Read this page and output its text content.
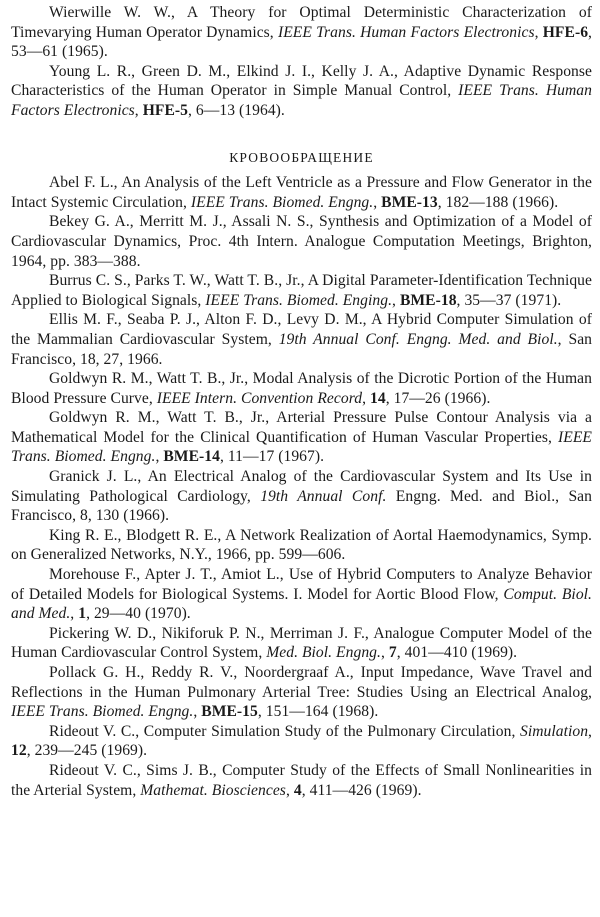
Wierwille W. W., A Theory for Optimal Deterministic Characterization of Timevarying Human Operator Dynamics, IEEE Trans. Human Factors Electronics, HFE-6, 53—61 (1965).

Young L. R., Green D. M., Elkind J. I., Kelly J. A., Adaptive Dynamic Response Characteristics of the Human Operator in Simple Manual Control, IEEE Trans. Human Factors Electronics, HFE-5, 6—13 (1964).

КРОВООБРАЩЕНИЕ

Abel F. L., An Analysis of the Left Ventricle as a Pressure and Flow Generator in the Intact Systemic Circulation, IEEE Trans. Biomed. Engng., BME-13, 182—188 (1966).

Bekey G. A., Merritt M. J., Assali N. S., Synthesis and Optimization of a Model of Cardiovascular Dynamics, Proc. 4th Intern. Analogue Computation Meetings, Brighton, 1964, pp. 383—388.

Burrus C. S., Parks T. W., Watt T. B., Jr., A Digital Parameter-Identification Technique Applied to Biological Signals, IEEE Trans. Biomed. Enging., BME-18, 35—37 (1971).

Ellis M. F., Seaba P. J., Alton F. D., Levy D. M., A Hybrid Computer Simulation of the Mammalian Cardiovascular System, 19th Annual Conf. Engng. Med. and Biol., San Francisco, 18, 27, 1966.

Goldwyn R. M., Watt T. B., Jr., Modal Analysis of the Dicrotic Portion of the Human Blood Pressure Curve, IEEE Intern. Convention Record, 14, 17—26 (1966).

Goldwyn R. M., Watt T. B., Jr., Arterial Pressure Pulse Contour Analysis via a Mathematical Model for the Clinical Quantification of Human Vascular Properties, IEEE Trans. Biomed. Engng., BME-14, 11—17 (1967).

Granick J. L., An Electrical Analog of the Cardiovascular System and Its Use in Simulating Pathological Cardiology, 19th Annual Conf. Engng. Med. and Biol., San Francisco, 8, 130 (1966).

King R. E., Blodgett R. E., A Network Realization of Aortal Haemodynamics, Symp. on Generalized Networks, N.Y., 1966, pp. 599—606.

Morehouse F., Apter J. T., Amiot L., Use of Hybrid Computers to Analyze Behavior of Detailed Models for Biological Systems. I. Model for Aortic Blood Flow, Comput. Biol. and Med., 1, 29—40 (1970).

Pickering W. D., Nikiforuk P. N., Merriman J. F., Analogue Computer Model of the Human Cardiovascular Control System, Med. Biol. Engng., 7, 401—410 (1969).

Pollack G. H., Reddy R. V., Noordergraaf A., Input Impedance, Wave Travel and Reflections in the Human Pulmonary Arterial Tree: Studies Using an Electrical Analog, IEEE Trans. Biomed. Engng., BME-15, 151—164 (1968).

Rideout V. C., Computer Simulation Study of the Pulmonary Circulation, Simulation, 12, 239—245 (1969).

Rideout V. C., Sims J. B., Computer Study of the Effects of Small Nonlinearities in the Arterial System, Mathemat. Biosciences, 4, 411—426 (1969).
